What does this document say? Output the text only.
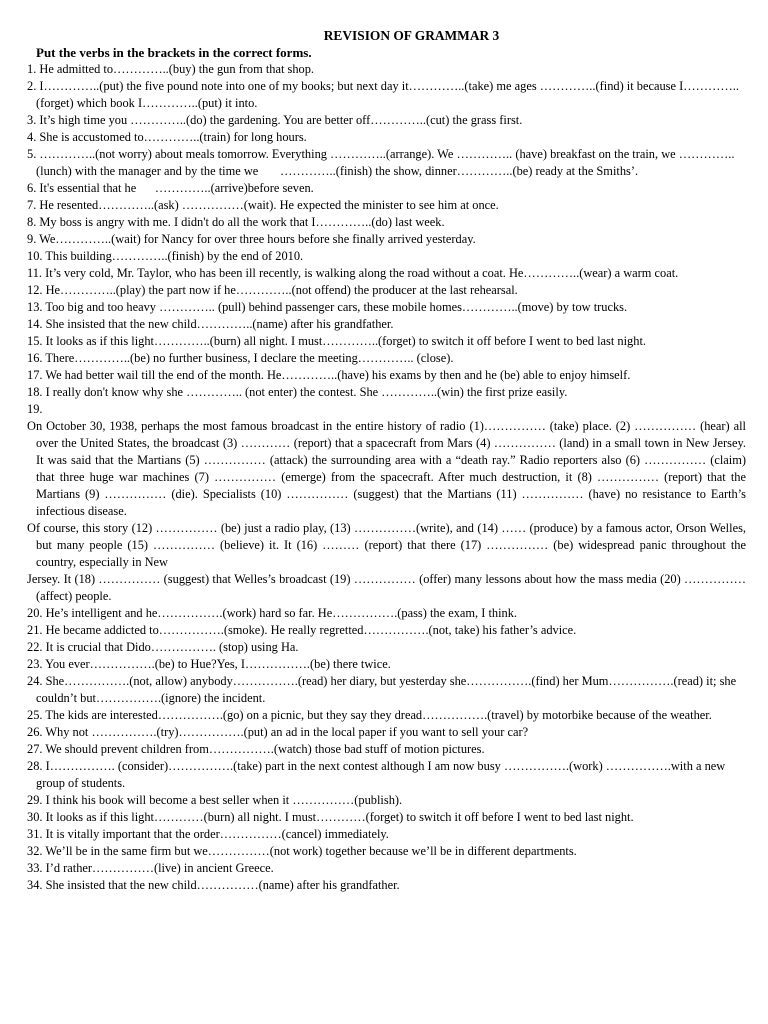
REVISION OF GRAMMAR 3
Put the verbs in the brackets in the correct forms.
1. He admitted to…………..(buy) the gun from that shop.
2. I…………..(put) the five pound note into one of my books; but next day it…………..(take) me ages …………..(find) it because I…………..(forget) which book I…………..(put) it into.
3. It’s high time you …………..(do) the gardening. You are better off…………..(cut) the grass first.
4. She is accustomed to…………..(train) for long hours.
5. …………..(not worry) about meals tomorrow. Everything …………..(arrange). We ………….. (have) breakfast on the train, we …………..(lunch) with the manager and by the time we       …………..(finish) the show, dinner…………..(be) ready at the Smiths’.
6. It's essential that he      …………..(arrive)before seven.
7. He resented…………..(ask) ……………(wait). He expected the minister to see him at once.
8. My boss is angry with me. I didn't do all the work that I…………..(do) last week.
9. We…………..(wait) for Nancy for over three hours before she finally arrived yesterday.
10. This building…………..(finish) by the end of 2010.
11. It’s very cold, Mr. Taylor, who has been ill recently, is walking along the road without a coat. He…………..(wear) a warm coat.
12. He…………..(play) the part now if he…………..(not offend) the producer at the last rehearsal.
13. Too big and too heavy ………….. (pull) behind passenger cars, these mobile homes…………..(move) by tow trucks.
14. She insisted that the new child…………..(name) after his grandfather.
15. It looks as if this light…………..(burn) all night. I must…………..(forget) to switch it off before I went to bed last night.
16. There…………..(be) no further business, I declare the meeting………….. (close).
17. We had better wail till the end of the month. He…………..(have) his exams by then and he (be) able to enjoy himself.
18. I really don't know why she ………….. (not enter) the contest. She …………..(win) the first prize easily.
19.

On October 30, 1938, perhaps the most famous broadcast in the entire history of radio (1)…………… (take) place. (2) …………… (hear) all over the United States, the broadcast (3) ………… (report) that a spacecraft from Mars (4) …………… (land) in a small town in New Jersey. It was said that the Martians (5) …………… (attack) the surrounding area with a “death ray.” Radio reporters also (6) …………… (claim) that three huge war machines (7) …………… (emerge) from the spacecraft. After much destruction, it (8) …………… (report) that the Martians (9) …………… (die). Specialists (10) …………… (suggest) that the Martians (11) …………… (have) no resistance to Earth’s infectious disease.

Of course, this story (12) …………… (be) just a radio play, (13) ……………(write), and (14) …… (produce) by a famous actor, Orson Welles, but many people (15) …………… (believe) it. It (16) ……… (report) that there (17) …………… (be) widespread panic throughout the country, especially in New

Jersey. It (18) …………… (suggest) that Welles’s broadcast (19) …………… (offer) many lessons about how the mass media (20) …………… (affect) people.

20. He’s intelligent and he…………….(work) hard so far. He…………….(pass) the exam, I think.
21. He became addicted to…………….(smoke). He really regretted…………….(not, take) his father’s advice.
22. It is crucial that Dido……………. (stop) using Ha.
23. You ever…………….(be) to Hue?Yes, I…………….(be) there twice.
24. She…………….(not, allow) anybody…………….(read) her diary, but yesterday she…………….(find) her Mum…………….(read) it; she couldn’t but…………….(ignore) the incident.
25. The kids are interested…………….(go) on a picnic, but they say they dread…………….(travel) by motorbike because of the weather.
26. Why not …………….(try)…………….(put) an ad in the local paper if you want to sell your car?
27. We should prevent children from…………….(watch) those bad stuff of motion pictures.
28. I……………. (consider)…………….(take) part in the next contest although I am now busy …………….(work) …………….with a new group of students.
29. I think his book will become a best seller when it ……………(publish).
30. It looks as if this light…………(burn) all night. I must…………(forget) to switch it off before I went to bed last night.
31. It is vitally important that the order……………(cancel) immediately.
32. We’ll be in the same firm but we……………(not work) together because we’ll be in different departments.
33. I’d rather……………(live) in ancient Greece.
34. She insisted that the new child……………(name) after his grandfather.
